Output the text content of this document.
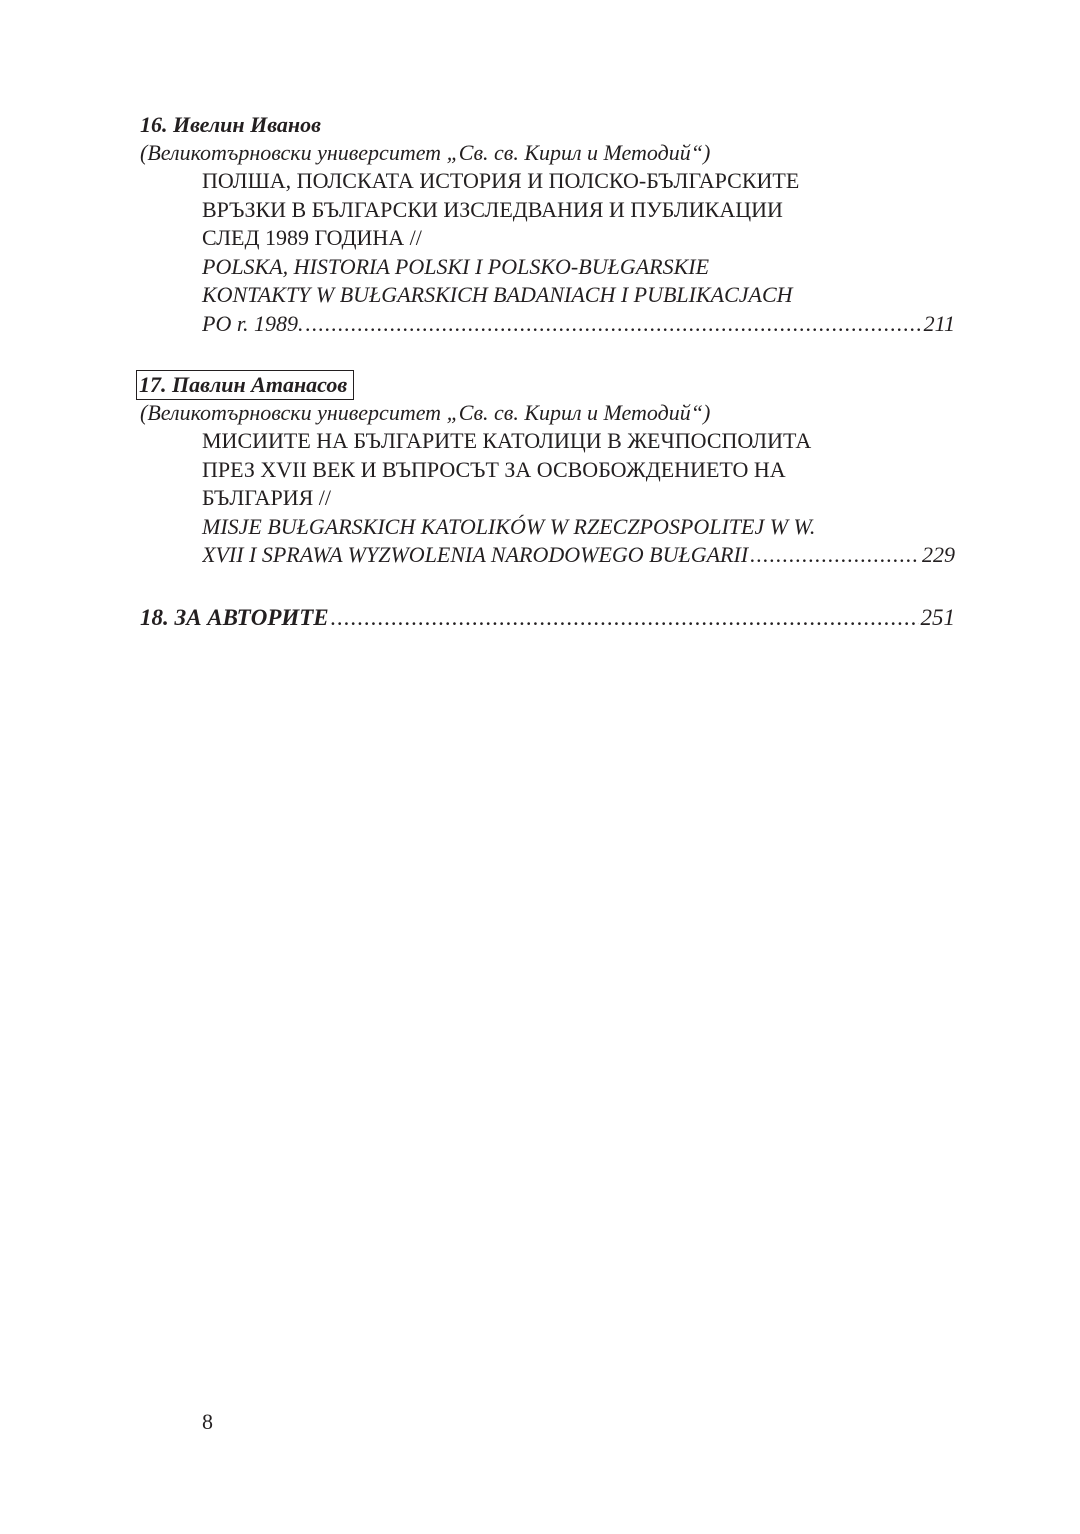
16. Ивелин Иванов
(Великотърновски университет „Св. св. Кирил и Методий“)
ПОЛША, ПОЛСКАТА ИСТОРИЯ И ПОЛСКО-БЪЛГАРСКИТЕ
ВРЪЗКИ В БЪЛГАРСКИ ИЗСЛЕДВАНИЯ И ПУБЛИКАЦИИ
СЛЕД 1989 ГОДИНА //
POLSKA, HISTORIA POLSKI I POLSKO-BUŁGARSKIE
KONTAKTY W BUŁGARSKICH BADANIACH I PUBLIKACJACH
PO r. 1989. .....	211
17. Павлин Атанасов
(Великотърновски университет „Св. св. Кирил и Методий“)
МИСИИТЕ НА БЪЛГАРИТЕ КАТОЛИЦИ В ЖЕЧПОСПОЛИТА
ПРЕЗ XVII ВЕК И ВЪПРОСЪТ ЗА ОСВОБОЖДЕНИЕТО НА
БЪЛГАРИЯ //
MISJE BUŁGARSKICH KATOLIKÓW W RZECZPOSPOLITEJ W W.
XVII I SPRAWA WYZWOLENIA NARODOWEGO BUŁGARII .....	229
18. ЗА АВТОРИТЕ .....	251
8
